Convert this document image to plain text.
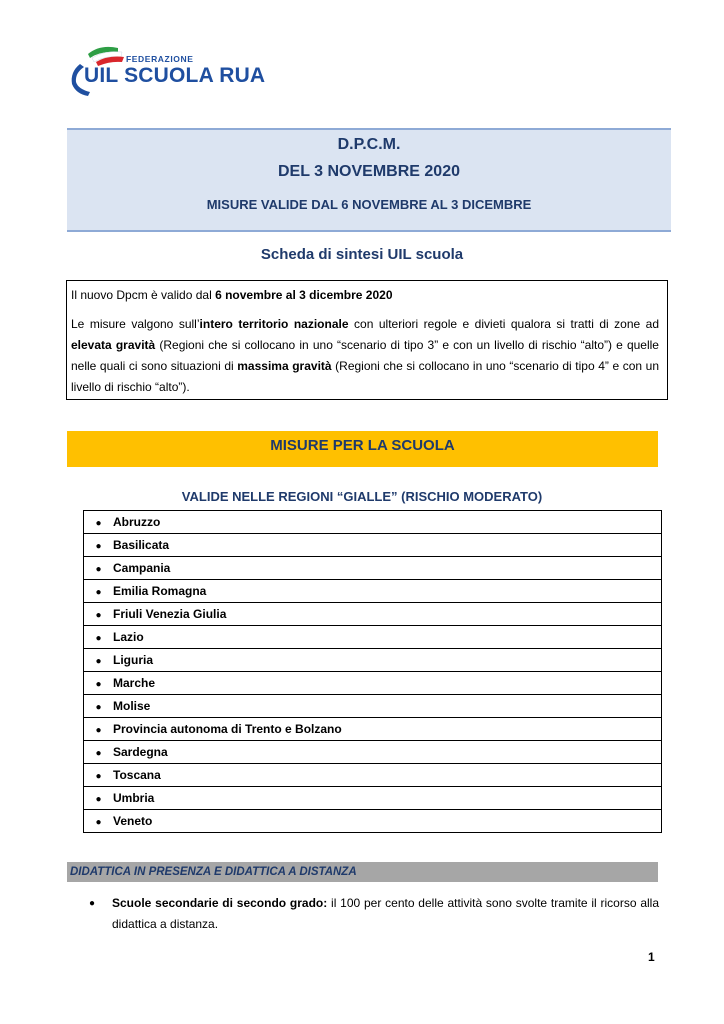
FEDERAZIONE
UIL SCUOLA RUA
D.P.C.M.
DEL 3 NOVEMBRE 2020
MISURE VALIDE DAL 6 NOVEMBRE AL 3 DICEMBRE
Scheda di sintesi UIL scuola

Il nuovo Dpcm è valido dal 6 novembre al 3 dicembre 2020

Le misure valgono sull’intero territorio nazionale con ulteriori regole e divieti qualora si tratti di zone ad elevata gravità (Regioni che si collocano in uno “scenario di tipo 3” e con un livello di rischio “alto”) e quelle nelle quali ci sono situazioni di massima gravità (Regioni che si collocano in uno “scenario di tipo 4” e con un livello di rischio “alto”).

MISURE PER LA SCUOLA
VALIDE NELLE REGIONI “GIALLE” (RISCHIO MODERATO)
● Abruzzo
● Basilicata
● Campania
● Emilia Romagna
● Friuli Venezia Giulia
● Lazio
● Liguria
● Marche
● Molise
● Provincia autonoma di Trento e Bolzano
● Sardegna
● Toscana
● Umbria
● Veneto
DIDATTICA IN PRESENZA E DIDATTICA A DISTANZA
● Scuole secondarie di secondo grado: il 100 per cento delle attività sono svolte tramite il ricorso alla didattica a distanza.
1
